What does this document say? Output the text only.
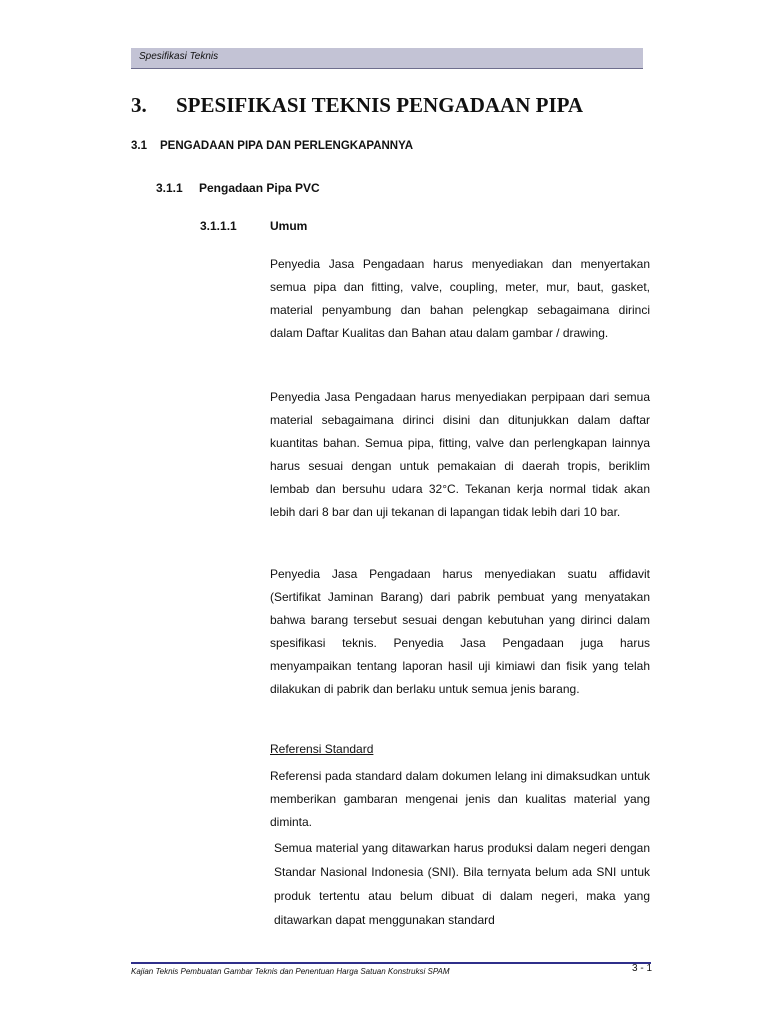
Spesifikasi Teknis
3. SPESIFIKASI TEKNIS PENGADAAN PIPA
3.1 PENGADAAN PIPA DAN PERLENGKAPANNYA
3.1.1 Pengadaan Pipa PVC
3.1.1.1	Umum
Penyedia Jasa Pengadaan harus menyediakan dan menyertakan semua pipa dan fitting, valve, coupling, meter, mur, baut, gasket, material penyambung dan bahan pelengkap sebagaimana dirinci dalam Daftar Kualitas dan Bahan atau dalam gambar / drawing.
Penyedia Jasa Pengadaan harus menyediakan perpipaan dari semua material sebagaimana dirinci disini dan ditunjukkan dalam daftar kuantitas bahan. Semua pipa, fitting, valve dan perlengkapan lainnya harus sesuai dengan untuk pemakaian di daerah tropis, beriklim lembab dan bersuhu udara 32°C. Tekanan kerja normal tidak akan lebih dari 8 bar dan uji tekanan di lapangan tidak lebih dari 10 bar.
Penyedia Jasa Pengadaan harus menyediakan suatu affidavit (Sertifikat Jaminan Barang) dari pabrik pembuat yang menyatakan bahwa barang tersebut sesuai dengan kebutuhan yang dirinci dalam spesifikasi teknis. Penyedia Jasa Pengadaan juga harus menyampaikan tentang laporan hasil uji kimiawi dan fisik yang telah dilakukan di pabrik dan berlaku untuk semua jenis barang.
Referensi Standard
Referensi pada standard dalam dokumen lelang ini dimaksudkan untuk memberikan gambaran mengenai jenis dan kualitas material yang diminta.
Semua material yang ditawarkan harus produksi dalam negeri dengan Standar Nasional Indonesia (SNI). Bila ternyata belum ada SNI untuk produk tertentu atau belum dibuat di dalam negeri, maka yang ditawarkan dapat menggunakan standard
Kajian Teknis Pembuatan Gambar Teknis dan Penentuan Harga Satuan Konstruksi SPAM	3 - 1
